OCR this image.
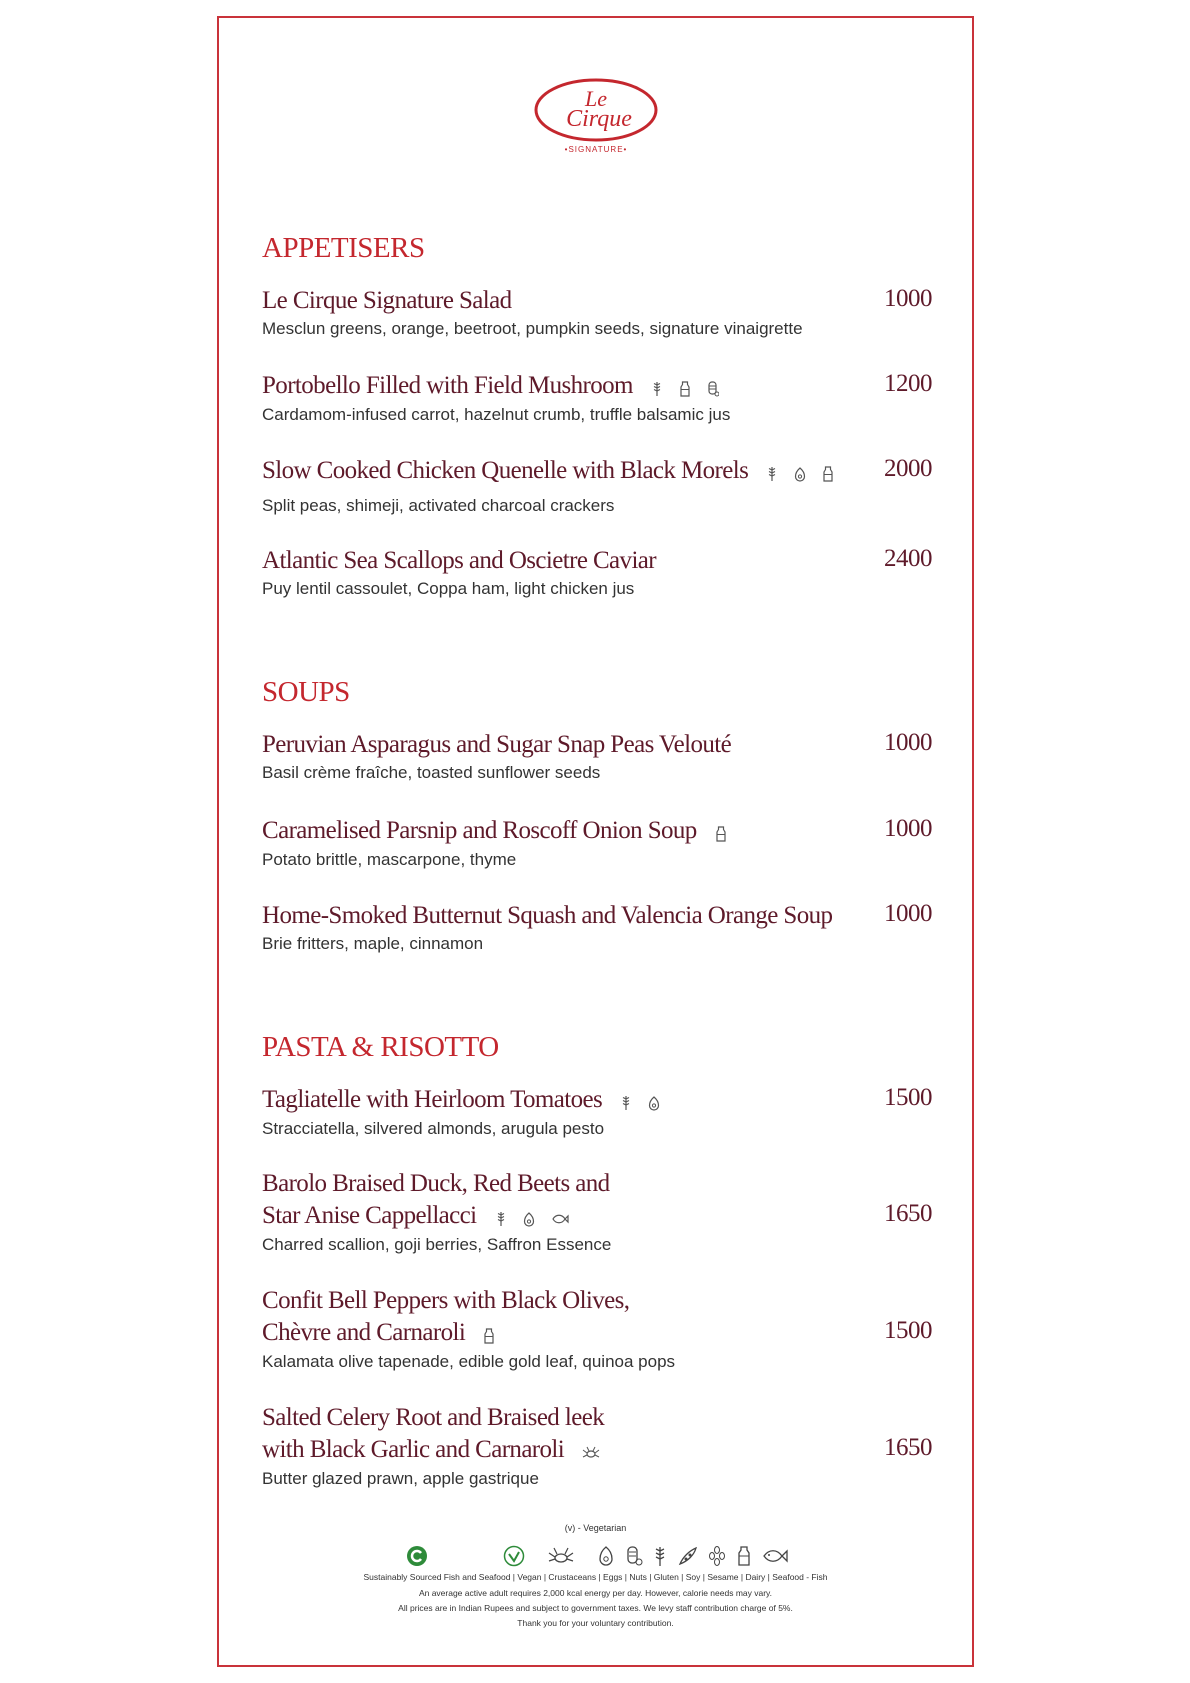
Le
Cirque
•SIGNATURE•
APPETISERS
Le Cirque Signature Salad
Mesclun greens, orange, beetroot, pumpkin seeds, signature vinaigrette
1000
Portobello Filled with Field Mushroom
Cardamom-infused carrot, hazelnut crumb, truffle balsamic jus
1200
Slow Cooked Chicken Quenelle with Black Morels
Split peas, shimeji, activated charcoal crackers
2000
Atlantic Sea Scallops and Oscietre Caviar
Puy lentil cassoulet, Coppa ham, light chicken jus
2400
SOUPS
Peruvian Asparagus and Sugar Snap Peas Velouté
Basil crème fraîche, toasted sunflower seeds
1000
Caramelised Parsnip and Roscoff Onion Soup
Potato brittle, mascarpone, thyme
1000
Home-Smoked Butternut Squash and Valencia Orange Soup
Brie fritters, maple, cinnamon
1000
PASTA & RISOTTO
Tagliatelle with Heirloom Tomatoes
Stracciatella, silvered almonds, arugula pesto
1500
Barolo Braised Duck, Red Beets and
Star Anise Cappellacci
Charred scallion, goji berries, Saffron Essence
1650
Confit Bell Peppers with Black Olives,
Chèvre and Carnaroli
Kalamata olive tapenade, edible gold leaf, quinoa pops
1500
Salted Celery Root and Braised leek
with Black Garlic and Carnaroli
Butter glazed prawn, apple gastrique
1650
(v) - Vegetarian
Sustainably Sourced Fish and Seafood | Vegan | Crustaceans | Eggs | Nuts | Gluten | Soy | Sesame | Dairy | Seafood - Fish
An average active adult requires 2,000 kcal energy per day. However, calorie needs may vary.
All prices are in Indian Rupees and subject to government taxes. We levy staff contribution charge of 5%.
Thank you for your voluntary contribution.
